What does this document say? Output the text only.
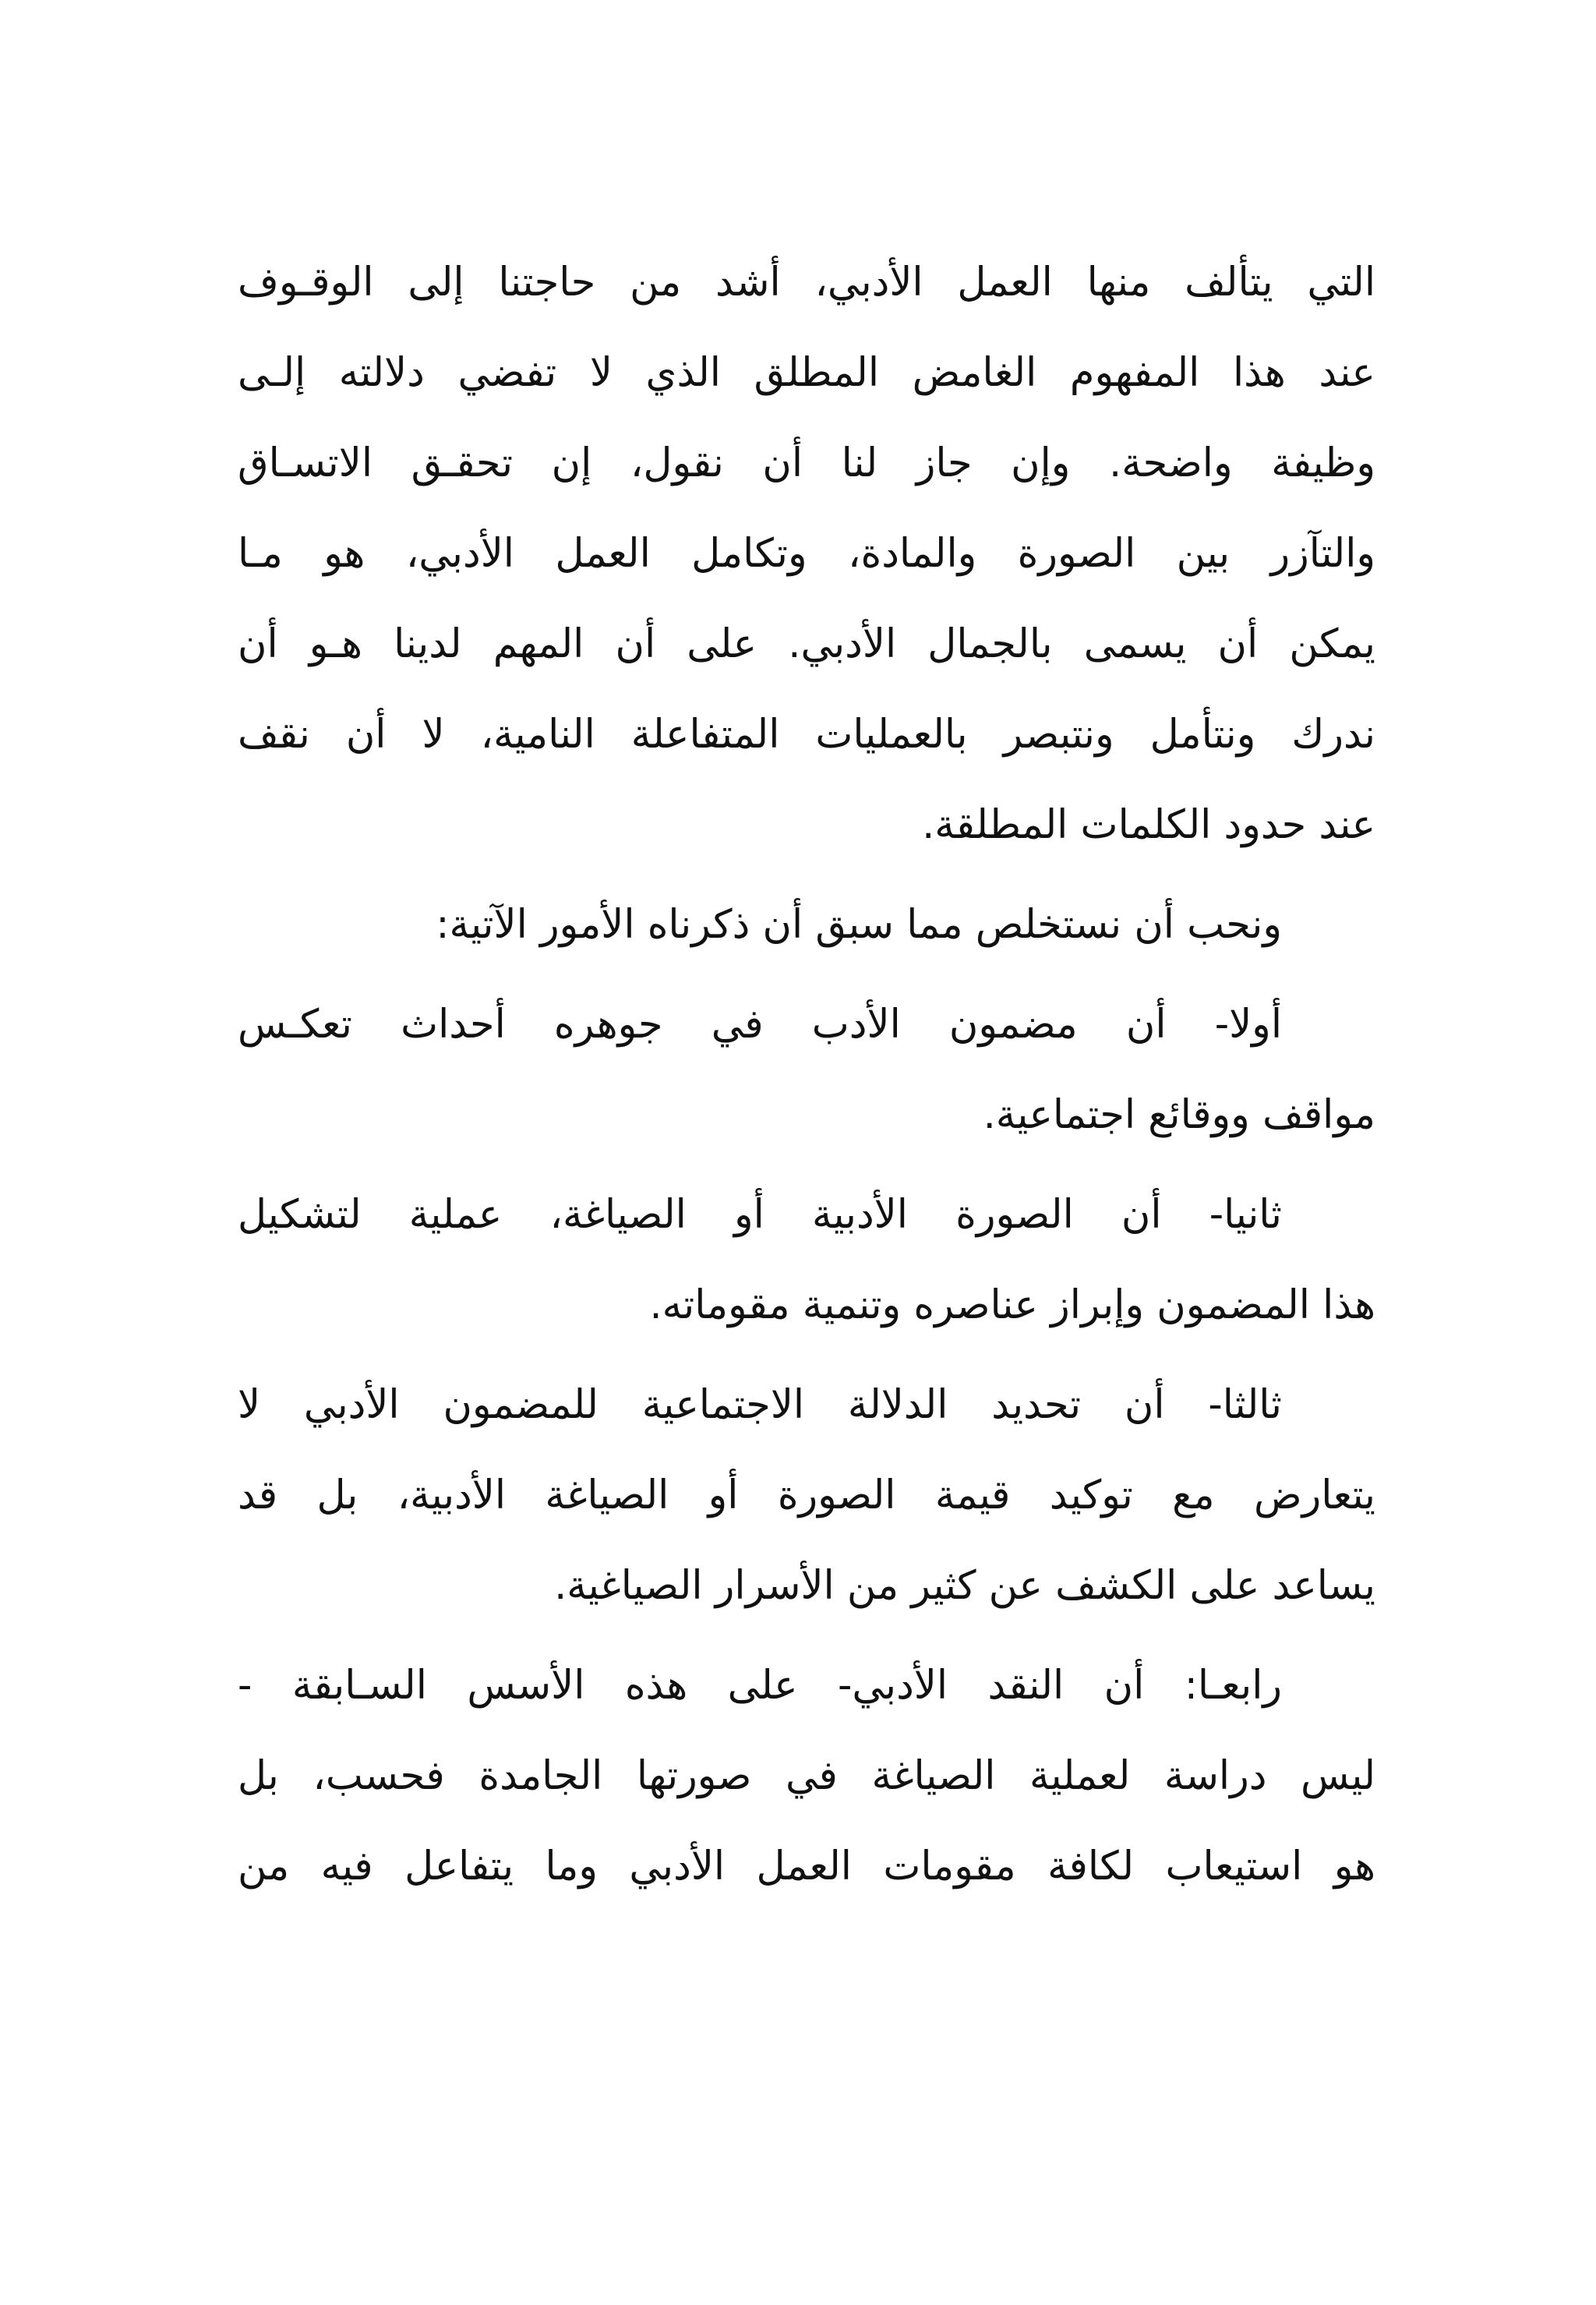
التي يتألف منها العمل الأدبي، أشد من حاجتنا إلى الوقـوف
عند هذا المفهوم الغامض المطلق الذي لا تفضي دلالته إلـى
وظيفة واضحة. وإن جاز لنا أن نقول، إن تحقـق الاتسـاق
والتآزر بين الصورة والمادة، وتكامل العمل الأدبي، هو مـا
يمكن أن يسمى بالجمال الأدبي. على أن المهم لدينا هـو أن
ندرك ونتأمل ونتبصر بالعمليات المتفاعلة النامية، لا أن نقف
عند حدود الكلمات المطلقة.

ونحب أن نستخلص مما سبق أن ذكرناه الأمور الآتية:

أولا- أن مضمون الأدب في جوهره أحداث تعكـس
مواقف ووقائع اجتماعية.

ثانيا- أن الصورة الأدبية أو الصياغة، عملية لتشكيل
هذا المضمون وإبراز عناصره وتنمية مقوماته.

ثالثا- أن تحديد الدلالة الاجتماعية للمضمون الأدبي لا
يتعارض مع توكيد قيمة الصورة أو الصياغة الأدبية، بل قد
يساعد على الكشف عن كثير من الأسرار الصياغية.

رابعـا: أن النقد الأدبي- على هذه الأسس السـابقة -
ليس دراسة لعملية الصياغة في صورتها الجامدة فحسب، بل
هو استيعاب لكافة مقومات العمل الأدبي وما يتفاعل فيه من
